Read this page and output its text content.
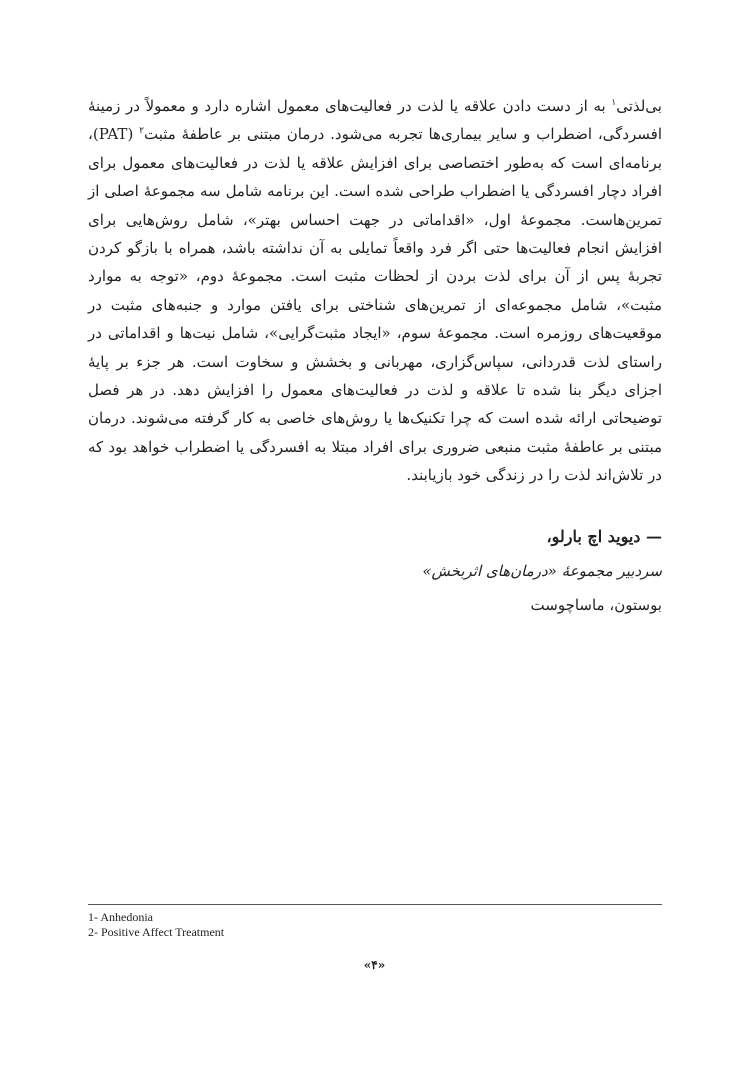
بی‌لذتی$^۱$ به از دست دادن علاقه یا لذت در فعالیت‌های معمول اشاره دارد و معمولاً در زمینهٔ افسردگی، اضطراب و سایر بیماری‌ها تجربه می‌شود. درمان مبتنی بر عاطفهٔ مثبت$^۲$ (PAT)، برنامه‌ای است که به‌طور اختصاصی برای افزایش علاقه یا لذت در فعالیت‌های معمول برای افراد دچار افسردگی یا اضطراب طراحی شده است. این برنامه شامل سه مجموعهٔ اصلی از تمرین‌هاست. مجموعهٔ اول، «اقداماتی در جهت احساس بهتر»، شامل روش‌هایی برای افزایش انجام فعالیت‌ها حتی اگر فرد واقعاً تمایلی به آن نداشته باشد، همراه با بازگو کردن تجربهٔ پس از آن برای لذت بردن از لحظات مثبت است. مجموعهٔ دوم، «توجه به موارد مثبت»، شامل مجموعه‌ای از تمرین‌های شناختی برای یافتن موارد و جنبه‌های مثبت در موقعیت‌های روزمره است. مجموعهٔ سوم، «ایجاد مثبت‌گرایی»، شامل نیت‌ها و اقداماتی در راستای لذت قدردانی، سپاس‌گزاری، مهربانی و بخشش و سخاوت است. هر جزء بر پایهٔ اجزای دیگر بنا شده تا علاقه و لذت در فعالیت‌های معمول را افزایش دهد. در هر فصل توضیحاتی ارائه شده است که چرا تکنیک‌ها یا روش‌های خاصی به کار گرفته می‌شوند. درمان مبتنی بر عاطفهٔ مثبت منبعی ضروری برای افراد مبتلا به افسردگی یا اضطراب خواهد بود که در تلاش‌اند لذت را در زندگی خود بازیابند.

— دیوید اچ بارلو،
سردبیر مجموعهٔ «درمان‌های اثربخش»
بوستون، ماساچوست
1- Anhedonia
2- Positive Affect Treatment
«۴»
